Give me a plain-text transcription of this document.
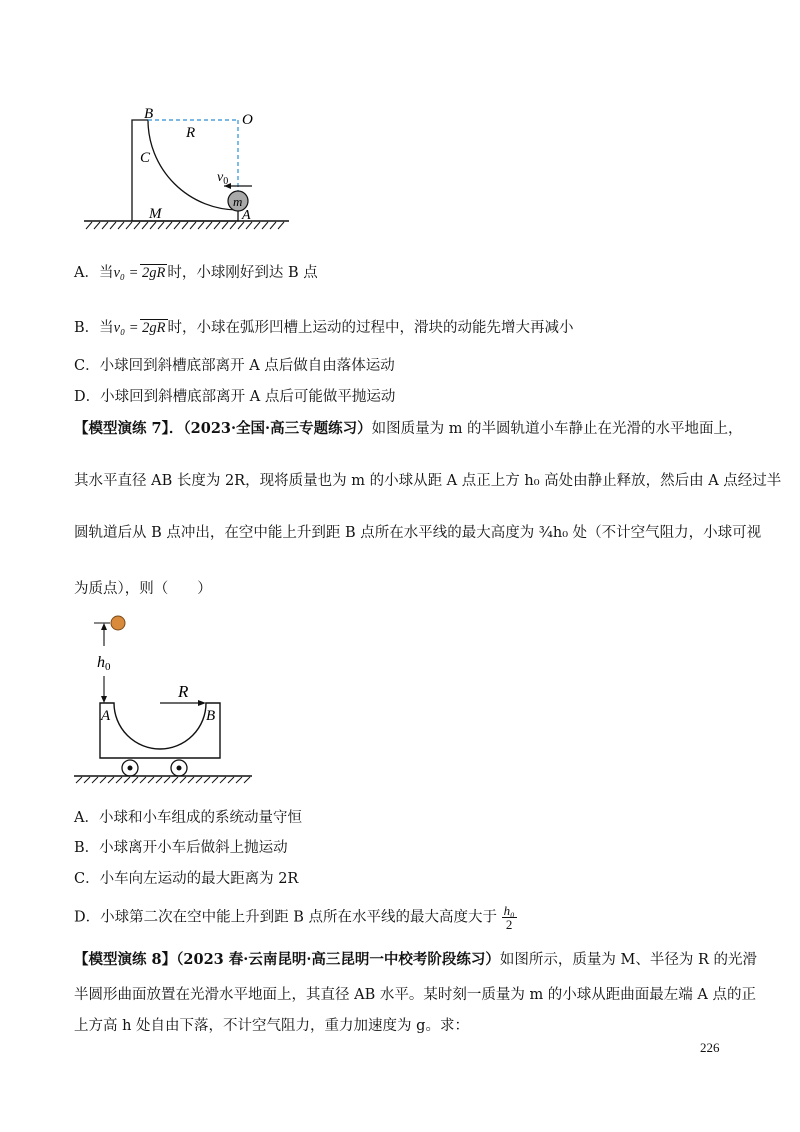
B	O
R
C
$v_0$
m
M	A
A．当v₀ = 2gR 时，小球刚好到达 B 点
B．当v₀ = 2gR 时，小球在弧形凹槽上运动的过程中，滑块的动能先增大再减小
C．小球回到斜槽底部离开 A 点后做自由落体运动
D．小球回到斜槽底部离开 A 点后可能做平抛运动
【模型演练 7】．（2023·全国·高三专题练习）如图质量为 m 的半圆轨道小车静止在光滑的水平地面上，
其水平直径 AB 长度为 2R，现将质量也为 m 的小球从距 A 点正上方 h₀ 高处由静止释放，然后由 A 点经过半
圆轨道后从 B 点冲出，在空中能上升到距 B 点所在水平线的最大高度为 ¾h₀ 处（不计空气阻力，小球可视
为质点），则（　　）
h0
R
A	B
A．小球和小车组成的系统动量守恒
B．小球离开小车后做斜上抛运动
C．小车向左运动的最大距离为 2R
D．小球第二次在空中能上升到距 B 点所在水平线的最大高度大于 $\frac{\text{h₀}}{2}$
【模型演练 8】（2023 春·云南昆明·高三昆明一中校考阶段练习）如图所示，质量为 M、半径为 R 的光滑
半圆形曲面放置在光滑水平地面上，其直径 AB 水平。某时刻一质量为 m 的小球从距曲面最左端 A 点的正
上方高 h 处自由下落，不计空气阻力，重力加速度为 g。求：
226
